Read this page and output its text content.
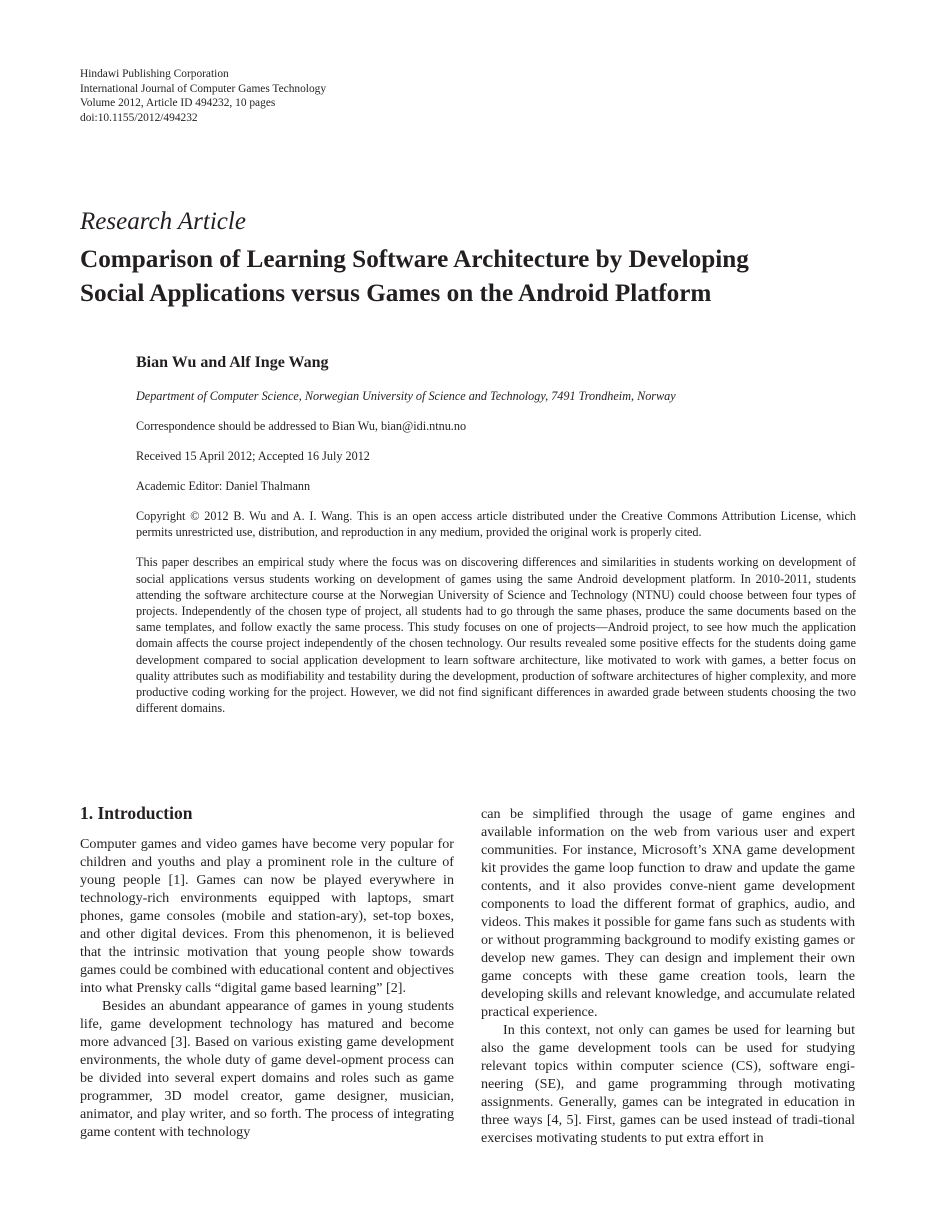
Hindawi Publishing Corporation
International Journal of Computer Games Technology
Volume 2012, Article ID 494232, 10 pages
doi:10.1155/2012/494232
Research Article
Comparison of Learning Software Architecture by Developing
Social Applications versus Games on the Android Platform

Bian Wu and Alf Inge Wang

Department of Computer Science, Norwegian University of Science and Technology, 7491 Trondheim, Norway

Correspondence should be addressed to Bian Wu, bian@idi.ntnu.no

Received 15 April 2012; Accepted 16 July 2012

Academic Editor: Daniel Thalmann

Copyright © 2012 B. Wu and A. I. Wang. This is an open access article distributed under the Creative Commons Attribution License, which permits unrestricted use, distribution, and reproduction in any medium, provided the original work is properly cited.

This paper describes an empirical study where the focus was on discovering differences and similarities in students working on development of social applications versus students working on development of games using the same Android development platform. In 2010-2011, students attending the software architecture course at the Norwegian University of Science and Technology (NTNU) could choose between four types of projects. Independently of the chosen type of project, all students had to go through the same phases, produce the same documents based on the same templates, and follow exactly the same process. This study focuses on one of projects—Android project, to see how much the application domain affects the course project independently of the chosen technology. Our results revealed some positive effects for the students doing game development compared to social application development to learn software architecture, like motivated to work with games, a better focus on quality attributes such as modifiability and testability during the development, production of software architectures of higher complexity, and more productive coding working for the project. However, we did not find significant differences in awarded grade between students choosing the two different domains.

1. Introduction

Computer games and video games have become very popular for children and youths and play a prominent role in the culture of young people [1]. Games can now be played everywhere in technology-rich environments equipped with laptops, smart phones, game consoles (mobile and station-ary), set-top boxes, and other digital devices. From this phenomenon, it is believed that the intrinsic motivation that young people show towards games could be combined with educational content and objectives into what Prensky calls “digital game based learning” [2].

Besides an abundant appearance of games in young students life, game development technology has matured and become more advanced [3]. Based on various existing game development environments, the whole duty of game devel-opment process can be divided into several expert domains and roles such as game programmer, 3D model creator, game designer, musician, animator, and play writer, and so forth. The process of integrating game content with technology

can be simplified through the usage of game engines and available information on the web from various user and expert communities. For instance, Microsoft’s XNA game development kit provides the game loop function to draw and update the game contents, and it also provides conve-nient game development components to load the different format of graphics, audio, and videos. This makes it possible for game fans such as students with or without programming background to modify existing games or develop new games. They can design and implement their own game concepts with these game creation tools, learn the developing skills and relevant knowledge, and accumulate related practical experience.

In this context, not only can games be used for learning but also the game development tools can be used for studying relevant topics within computer science (CS), software engi-neering (SE), and game programming through motivating assignments. Generally, games can be integrated in education in three ways [4, 5]. First, games can be used instead of tradi-tional exercises motivating students to put extra effort in
